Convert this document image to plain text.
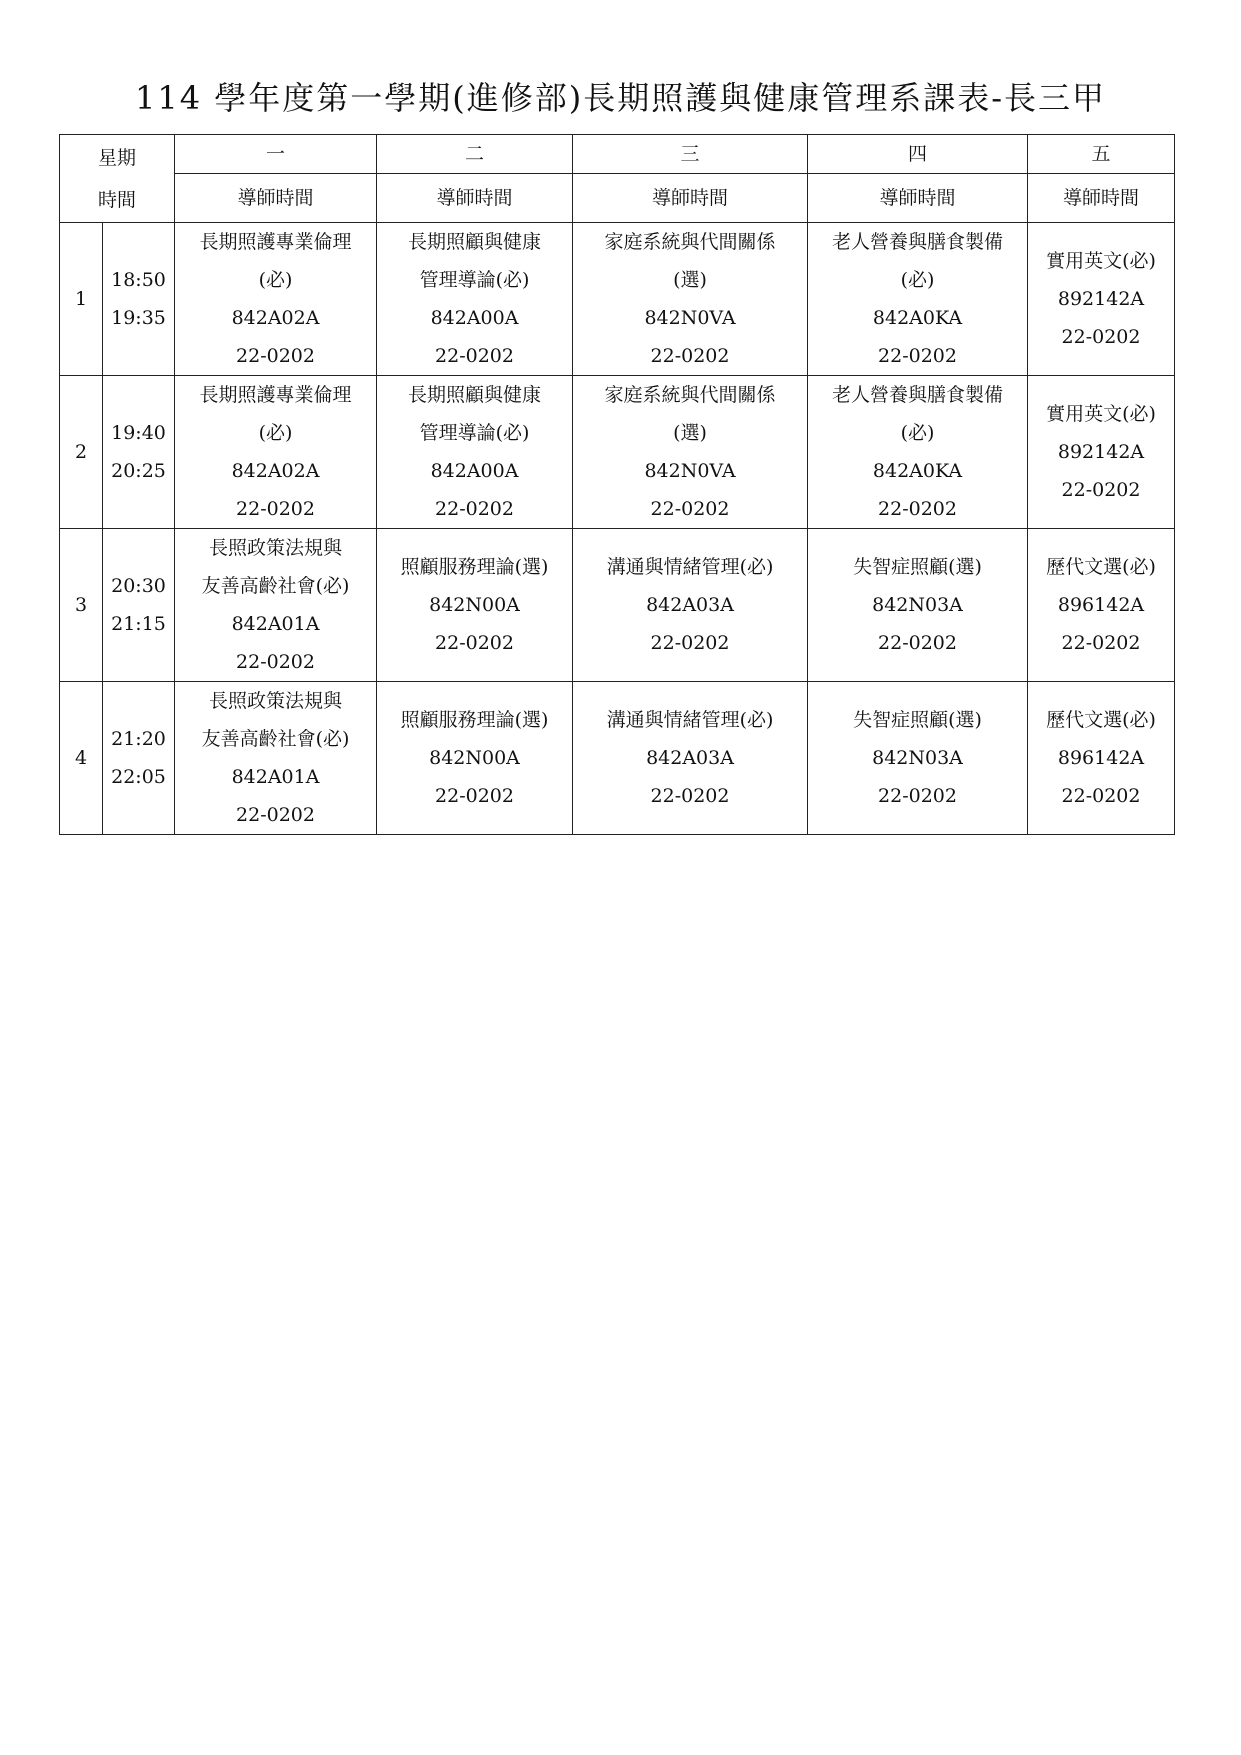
114 學年度第一學期(進修部)長期照護與健康管理系課表-長三甲
星期
時間		一	二	三	四	五
		導師時間	導師時間	導師時間	導師時間	導師時間
1	18:50
19:35	長期照護專業倫理
(必)
842A02A
22-0202	長期照顧與健康
管理導論(必)
842A00A
22-0202	家庭系統與代間關係
(選)
842N0VA
22-0202	老人營養與膳食製備
(必)
842A0KA
22-0202	實用英文(必)
892142A
22-0202

2	19:40
20:25	長期照護專業倫理
(必)
842A02A
22-0202	長期照顧與健康
管理導論(必)
842A00A
22-0202	家庭系統與代間關係
(選)
842N0VA
22-0202	老人營養與膳食製備
(必)
842A0KA
22-0202	實用英文(必)
892142A
22-0202

3	20:30
21:15	長照政策法規與
友善高齡社會(必)
842A01A
22-0202	照顧服務理論(選)
842N00A
22-0202	溝通與情緒管理(必)
842A03A
22-0202	失智症照顧(選)
842N03A
22-0202	歷代文選(必)
896142A
22-0202

4	21:20
22:05	長照政策法規與
友善高齡社會(必)
842A01A
22-0202	照顧服務理論(選)
842N00A
22-0202	溝通與情緒管理(必)
842A03A
22-0202	失智症照顧(選)
842N03A
22-0202	歷代文選(必)
896142A
22-0202
